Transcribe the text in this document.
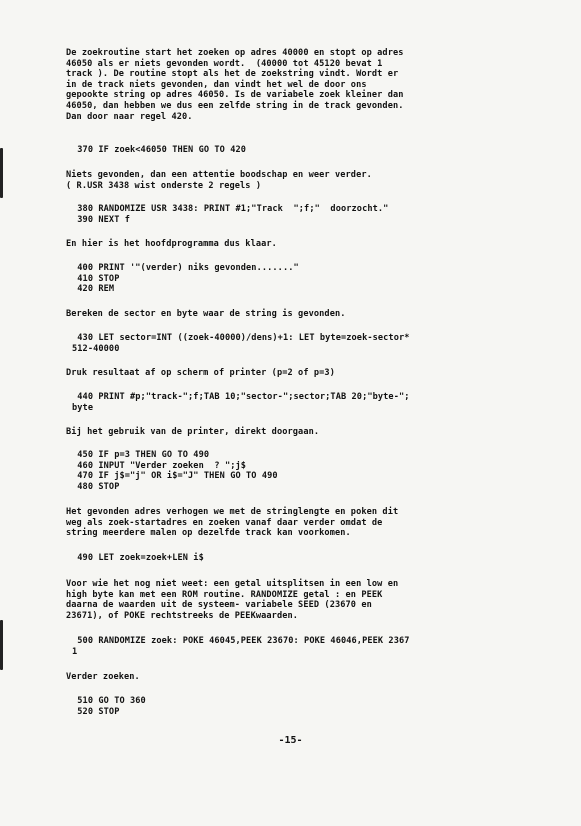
De zoekroutine start het zoeken op adres 40000 en stopt op adres
46050 als er niets gevonden wordt.  (40000 tot 45120 bevat 1
track ). De routine stopt als het de zoekstring vindt. Wordt er
in de track niets gevonden, dan vindt het wel de door ons
gepookte string op adres 46050. Is de variabele zoek kleiner dan
46050, dan hebben we dus een zelfde string in de track gevonden.
Dan door naar regel 420.
370 IF zoek<46050 THEN GO TO 420
Niets gevonden, dan een attentie boodschap en weer verder.
( R.USR 3438 wist onderste 2 regels )
380 RANDOMIZE USR 3438: PRINT #1;"Track  ";f;"  doorzocht."
390 NEXT f
En hier is het hoofdprogramma dus klaar.
400 PRINT '"(verder) niks gevonden......."
410 STOP
420 REM
Bereken de sector en byte waar de string is gevonden.
430 LET sector=INT ((zoek-40000)/dens)+1: LET byte=zoek-sector*
512-40000
Druk resultaat af op scherm of printer (p=2 of p=3)
440 PRINT #p;"track-";f;TAB 10;"sector-";sector;TAB 20;"byte-";
byte
Bij het gebruik van de printer, direkt doorgaan.
450 IF p=3 THEN GO TO 490
460 INPUT "Verder zoeken  ? ";j$
470 IF j$="j" OR i$="J" THEN GO TO 490
480 STOP
Het gevonden adres verhogen we met de stringlengte en poken dit
weg als zoek-startadres en zoeken vanaf daar verder omdat de
string meerdere malen op dezelfde track kan voorkomen.
490 LET zoek=zoek+LEN i$
Voor wie het nog niet weet: een getal uitsplitsen in een low en
high byte kan met een ROM routine. RANDOMIZE getal : en PEEK
daarna de waarden uit de systeem- variabele SEED (23670 en
23671), of POKE rechtstreeks de PEEKwaarden.
500 RANDOMIZE zoek: POKE 46045,PEEK 23670: POKE 46046,PEEK 2367
1
Verder zoeken.
510 GO TO 360
520 STOP
-15-
